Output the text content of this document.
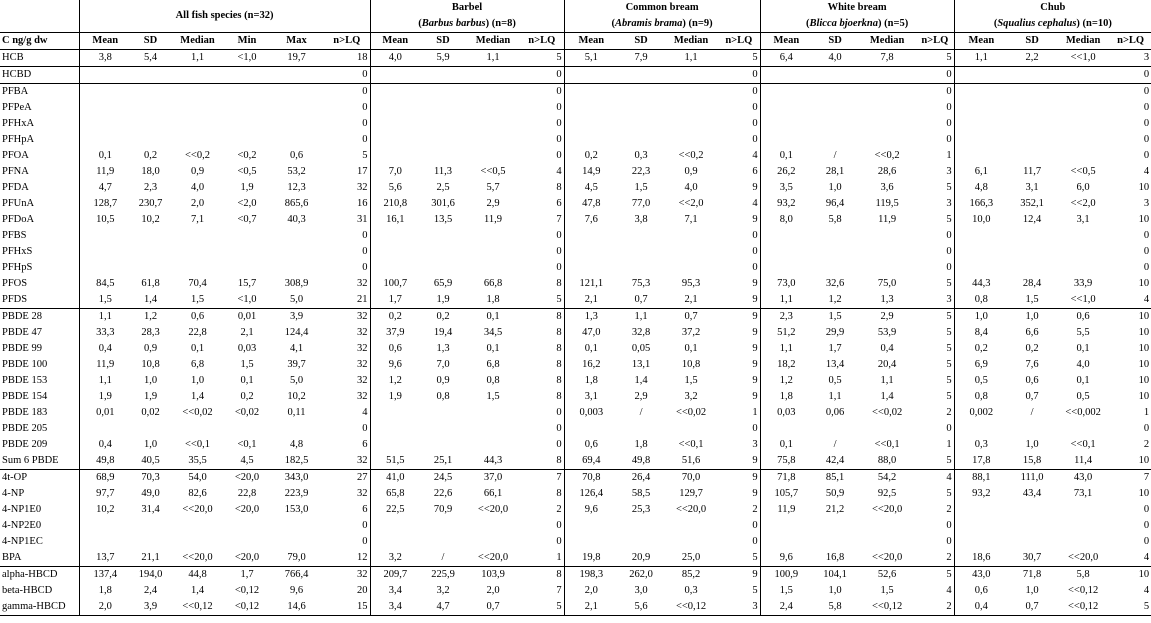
	All fish species (n=32)						Barbel
(Barbus barbus) (n=8)				Common bream
(Abramis brama) (n=9)				White bream
(Blicca bjoerkna) (n=5)				Chub
(Squalius cephalus) (n=10)			
C ng/g dw	Mean	SD	Median	Min	Max	n>LQ	Mean	SD	Median	n>LQ	Mean	SD	Median	n>LQ	Mean	SD	Median	n>LQ	Mean	SD	Median	n>LQ
HCB	3,8	5,4	1,1	<1,0	19,7	18	4,0	5,9	1,1	5	5,1	7,9	1,1	5	6,4	4,0	7,8	5	1,1	2,2	<<1,0	3
HCBD						0				0				0				0				0
PFBA						0				0				0				0				0
PFPeA						0				0				0				0				0
PFHxA						0				0				0				0				0
PFHpA						0				0				0				0				0
PFOA	0,1	0,2	<<0,2	<0,2	0,6	5				0	0,2	0,3	<<0,2	4	0,1	/	<<0,2	1				0
PFNA	11,9	18,0	0,9	<0,5	53,2	17	7,0	11,3	<<0,5	4	14,9	22,3	0,9	6	26,2	28,1	28,6	3	6,1	11,7	<<0,5	4
PFDA	4,7	2,3	4,0	1,9	12,3	32	5,6	2,5	5,7	8	4,5	1,5	4,0	9	3,5	1,0	3,6	5	4,8	3,1	6,0	10
PFUnA	128,7	230,7	2,0	<2,0	865,6	16	210,8	301,6	2,9	6	47,8	77,0	<<2,0	4	93,2	96,4	119,5	3	166,3	352,1	<<2,0	3
PFDoA	10,5	10,2	7,1	<0,7	40,3	31	16,1	13,5	11,9	7	7,6	3,8	7,1	9	8,0	5,8	11,9	5	10,0	12,4	3,1	10
PFBS						0				0				0				0				0
PFHxS						0				0				0				0				0
PFHpS						0				0				0				0				0
PFOS	84,5	61,8	70,4	15,7	308,9	32	100,7	65,9	66,8	8	121,1	75,3	95,3	9	73,0	32,6	75,0	5	44,3	28,4	33,9	10
PFDS	1,5	1,4	1,5	<1,0	5,0	21	1,7	1,9	1,8	5	2,1	0,7	2,1	9	1,1	1,2	1,3	3	0,8	1,5	<<1,0	4
PBDE 28	1,1	1,2	0,6	0,01	3,9	32	0,2	0,2	0,1	8	1,3	1,1	0,7	9	2,3	1,5	2,9	5	1,0	1,0	0,6	10
PBDE 47	33,3	28,3	22,8	2,1	124,4	32	37,9	19,4	34,5	8	47,0	32,8	37,2	9	51,2	29,9	53,9	5	8,4	6,6	5,5	10
PBDE 99	0,4	0,9	0,1	0,03	4,1	32	0,6	1,3	0,1	8	0,1	0,05	0,1	9	1,1	1,7	0,4	5	0,2	0,2	0,1	10
PBDE 100	11,9	10,8	6,8	1,5	39,7	32	9,6	7,0	6,8	8	16,2	13,1	10,8	9	18,2	13,4	20,4	5	6,9	7,6	4,0	10
PBDE 153	1,1	1,0	1,0	0,1	5,0	32	1,2	0,9	0,8	8	1,8	1,4	1,5	9	1,2	0,5	1,1	5	0,5	0,6	0,1	10
PBDE 154	1,9	1,9	1,4	0,2	10,2	32	1,9	0,8	1,5	8	3,1	2,9	3,2	9	1,8	1,1	1,4	5	0,8	0,7	0,5	10
PBDE 183	0,01	0,02	<<0,02	<0,02	0,11	4				0	0,003	/	<<0,02	1	0,03	0,06	<<0,02	2	0,002	/	<<0,002	1
PBDE 205						0				0				0				0				0
PBDE 209	0,4	1,0	<<0,1	<0,1	4,8	6				0	0,6	1,8	<<0,1	3	0,1	/	<<0,1	1	0,3	1,0	<<0,1	2
Sum 6 PBDE	49,8	40,5	35,5	4,5	182,5	32	51,5	25,1	44,3	8	69,4	49,8	51,6	9	75,8	42,4	88,0	5	17,8	15,8	11,4	10
4t-OP	68,9	70,3	54,0	<20,0	343,0	27	41,0	24,5	37,0	7	70,8	26,4	70,0	9	71,8	85,1	54,2	4	88,1	111,0	43,0	7
4-NP	97,7	49,0	82,6	22,8	223,9	32	65,8	22,6	66,1	8	126,4	58,5	129,7	9	105,7	50,9	92,5	5	93,2	43,4	73,1	10
4-NP1E0	10,2	31,4	<<20,0	<20,0	153,0	6	22,5	70,9	<<20,0	2	9,6	25,3	<<20,0	2	11,9	21,2	<<20,0	2				0
4-NP2E0						0				0				0				0				0
4-NP1EC						0				0				0				0				0
BPA	13,7	21,1	<<20,0	<20,0	79,0	12	3,2	/	<<20,0	1	19,8	20,9	25,0	5	9,6	16,8	<<20,0	2	18,6	30,7	<<20,0	4
alpha-HBCD	137,4	194,0	44,8	1,7	766,4	32	209,7	225,9	103,9	8	198,3	262,0	85,2	9	100,9	104,1	52,6	5	43,0	71,8	5,8	10
beta-HBCD	1,8	2,4	1,4	<0,12	9,6	20	3,4	3,2	2,0	7	2,0	3,0	0,3	5	1,5	1,0	1,5	4	0,6	1,0	<<0,12	4
gamma-HBCD	2,0	3,9	<<0,12	<0,12	14,6	15	3,4	4,7	0,7	5	2,1	5,6	<<0,12	3	2,4	5,8	<<0,12	2	0,4	0,7	<<0,12	5
